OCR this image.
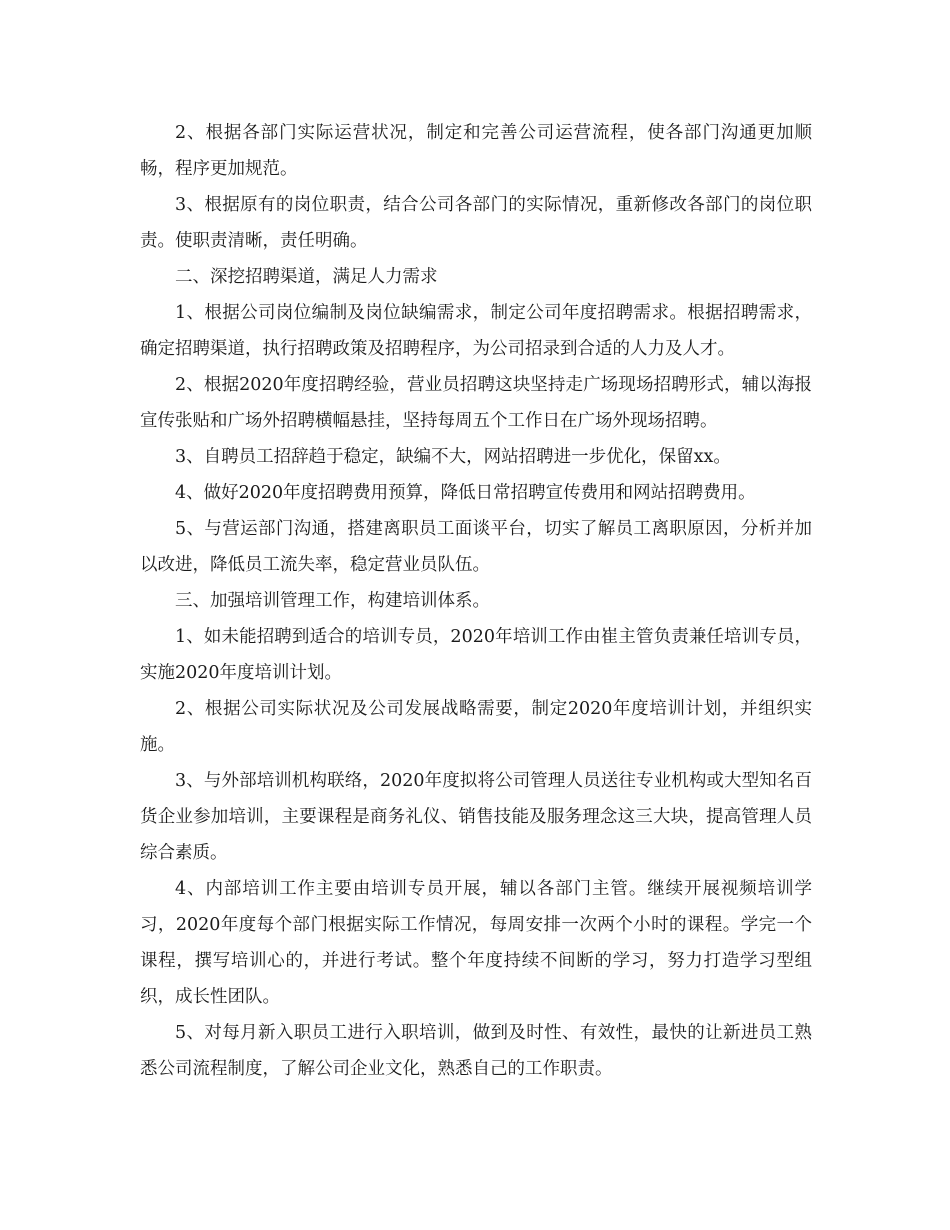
2、根据各部门实际运营状况，制定和完善公司运营流程，使各部门沟通更加顺畅，程序更加规范。

3、根据原有的岗位职责，结合公司各部门的实际情况，重新修改各部门的岗位职责。使职责清晰，责任明确。

二、深挖招聘渠道，满足人力需求

1、根据公司岗位编制及岗位缺编需求，制定公司年度招聘需求。根据招聘需求，确定招聘渠道，执行招聘政策及招聘程序，为公司招录到合适的人力及人才。

2、根据2020年度招聘经验，营业员招聘这块坚持走广场现场招聘形式，辅以海报宣传张贴和广场外招聘横幅悬挂，坚持每周五个工作日在广场外现场招聘。

3、自聘员工招辞趋于稳定，缺编不大，网站招聘进一步优化，保留xx。

4、做好2020年度招聘费用预算，降低日常招聘宣传费用和网站招聘费用。

5、与营运部门沟通，搭建离职员工面谈平台，切实了解员工离职原因，分析并加以改进，降低员工流失率，稳定营业员队伍。

三、加强培训管理工作，构建培训体系。

1、如未能招聘到适合的培训专员，2020年培训工作由崔主管负责兼任培训专员，实施2020年度培训计划。

2、根据公司实际状况及公司发展战略需要，制定2020年度培训计划，并组织实施。

3、与外部培训机构联络，2020年度拟将公司管理人员送往专业机构或大型知名百货企业参加培训，主要课程是商务礼仪、销售技能及服务理念这三大块，提高管理人员综合素质。

4、内部培训工作主要由培训专员开展，辅以各部门主管。继续开展视频培训学习，2020年度每个部门根据实际工作情况，每周安排一次两个小时的课程。学完一个课程，撰写培训心的，并进行考试。整个年度持续不间断的学习，努力打造学习型组织，成长性团队。

5、对每月新入职员工进行入职培训，做到及时性、有效性，最快的让新进员工熟悉公司流程制度，了解公司企业文化，熟悉自己的工作职责。
